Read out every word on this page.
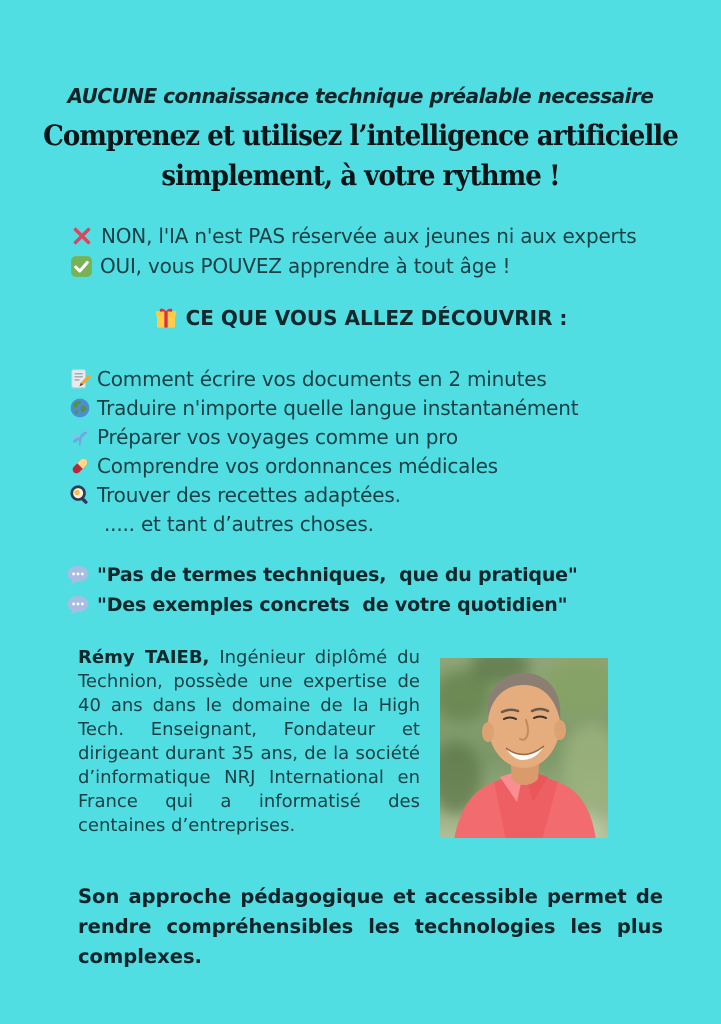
AUCUNE connaissance technique préalable necessaire
Comprenez et utilisez l’intelligence artificielle
simplement, à votre rythme !
NON, l'IA n'est PAS réservée aux jeunes ni aux experts
OUI, vous POUVEZ apprendre à tout âge !
CE QUE VOUS ALLEZ DÉCOUVRIR :
Comment écrire vos documents en 2 minutes
Traduire n'importe quelle langue instantanément
Préparer vos voyages comme un pro
Comprendre vos ordonnances médicales
Trouver des recettes adaptées.
..... et tant d’autres choses.
"Pas de termes techniques,  que du pratique"
"Des exemples concrets  de votre quotidien"
Rémy TAIEB, Ingénieur diplômé du Technion, possède une expertise de 40 ans dans le domaine de la High Tech. Enseignant, Fondateur et dirigeant durant 35 ans, de la société d’informatique NRJ International en France qui a informatisé des centaines d’entreprises.
Son approche pédagogique et accessible permet de rendre compréhensibles les technologies les plus complexes.
